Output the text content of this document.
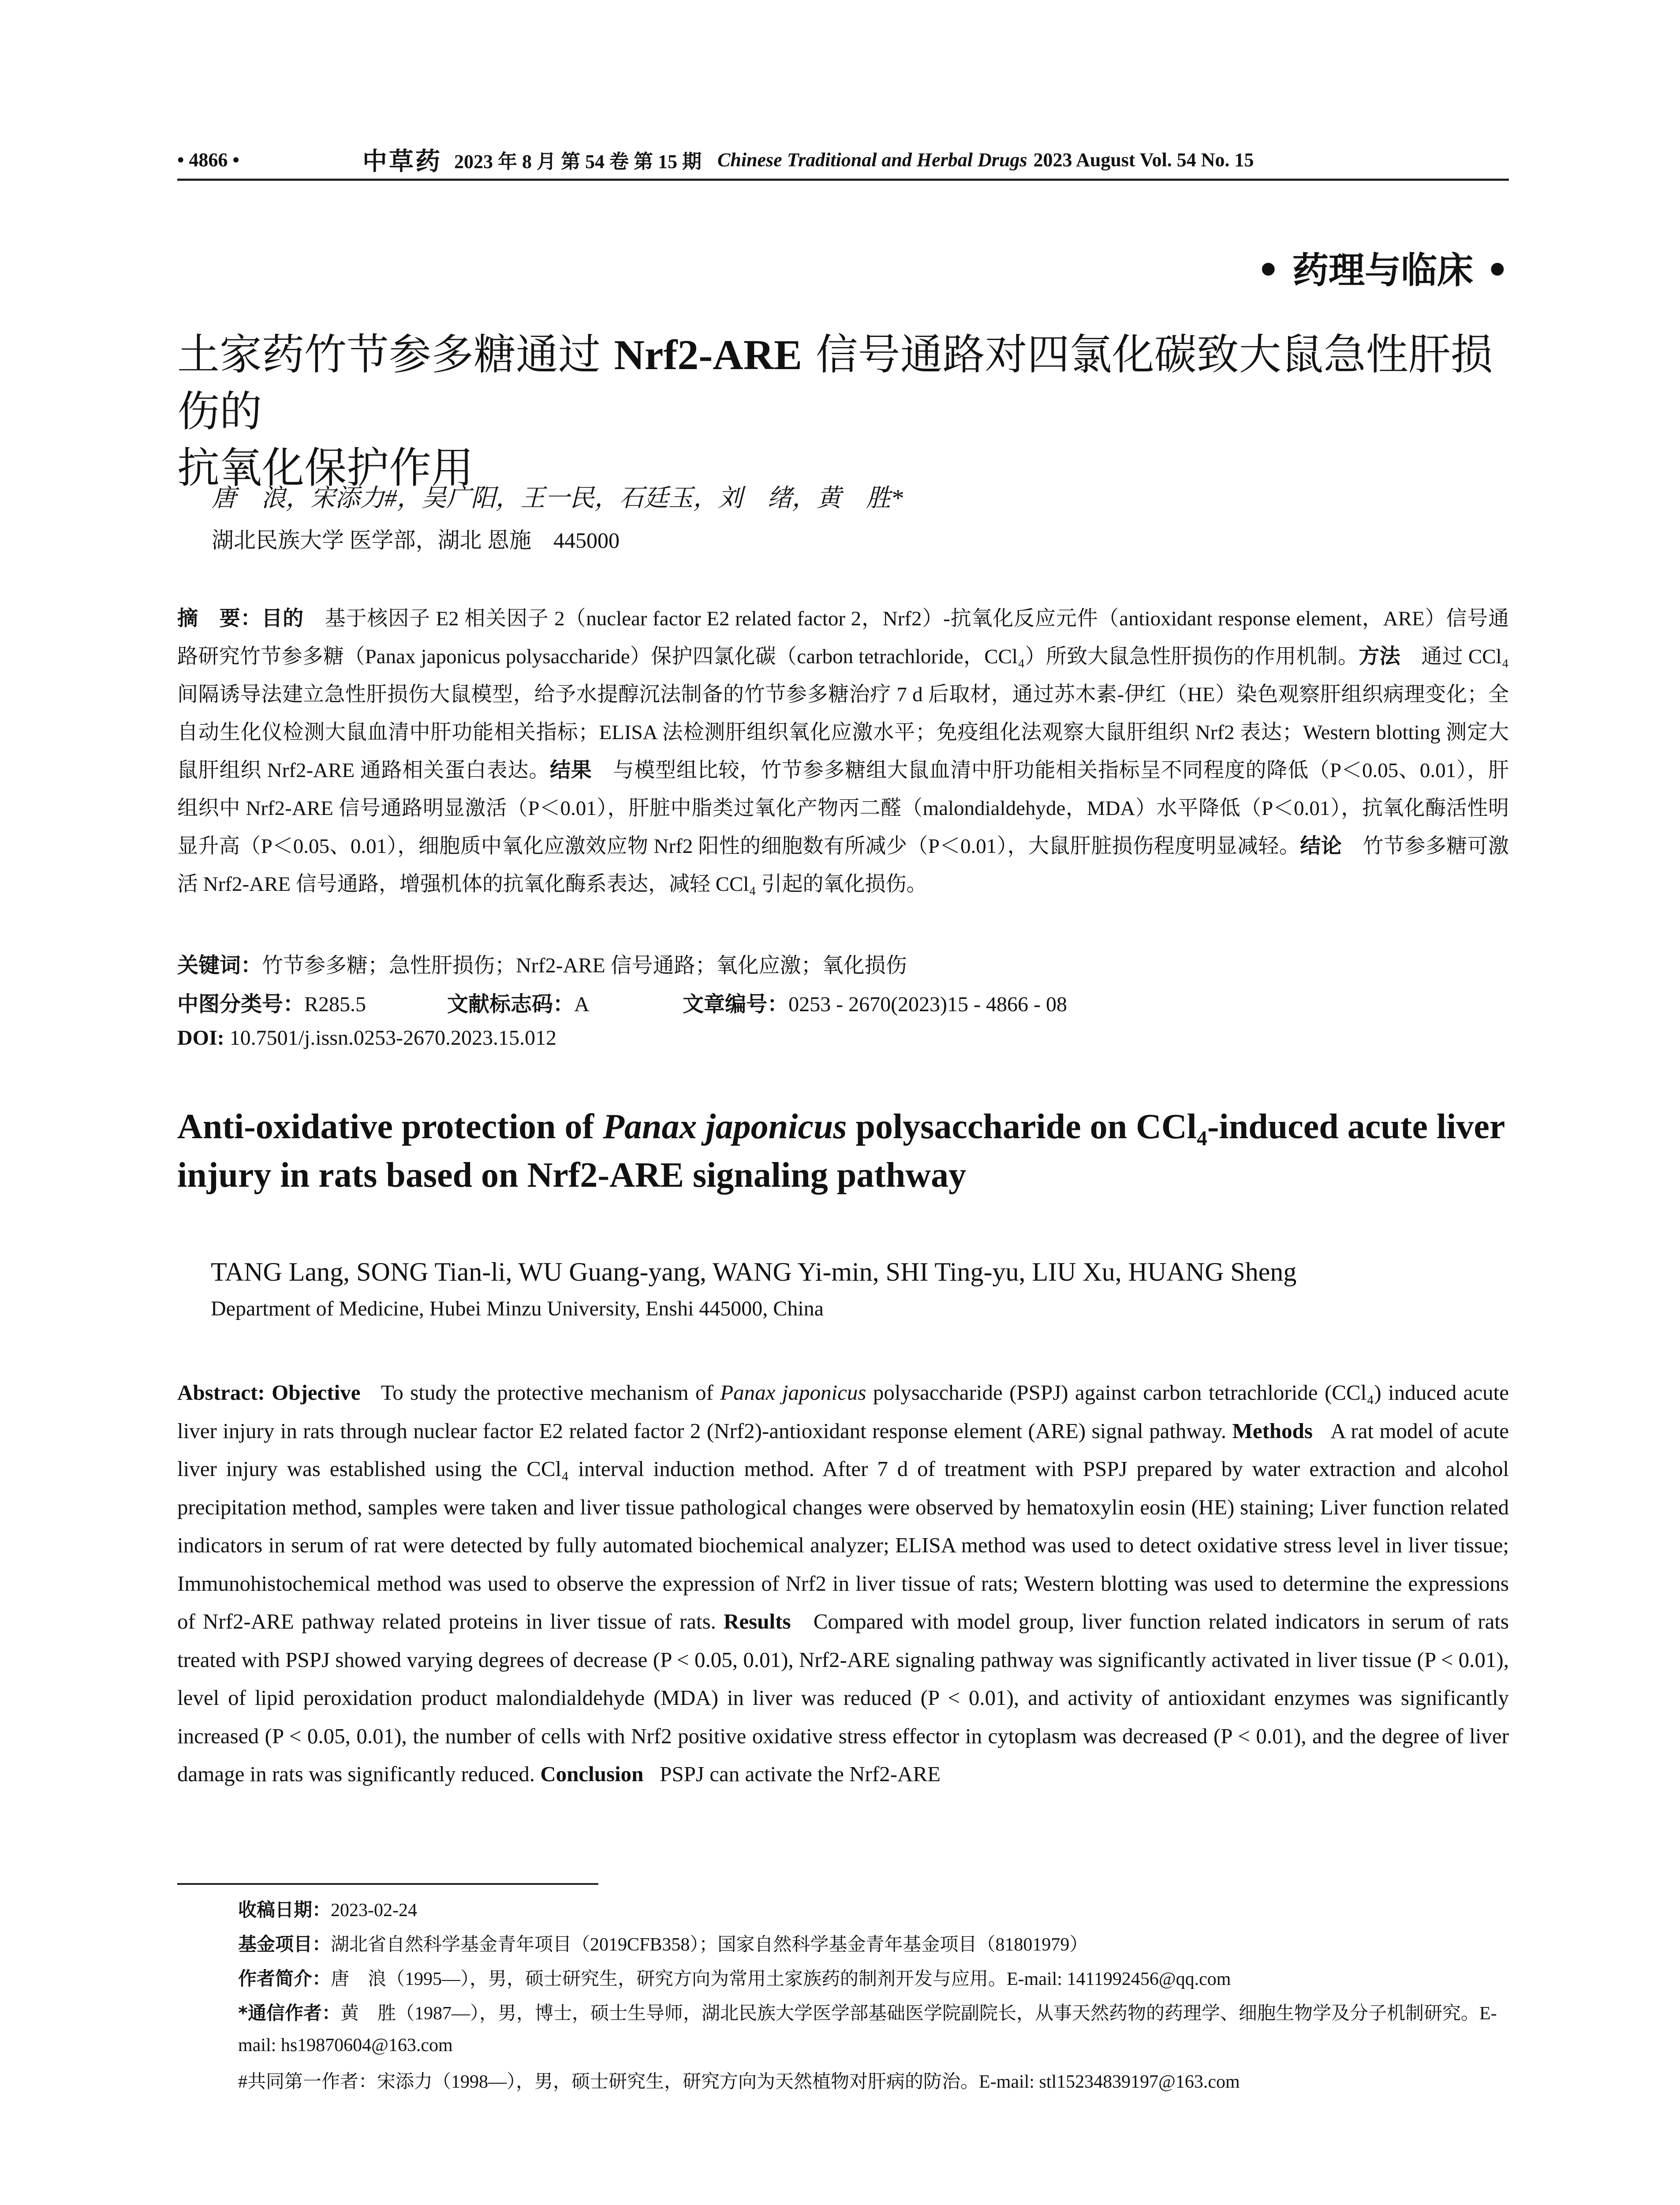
• 4866 •	中草药 2023 年 8 月 第 54 卷 第 15 期 Chinese Traditional and Herbal Drugs 2023 August Vol. 54 No. 15
• 药理与临床 •
土家药竹节参多糖通过 Nrf2-ARE 信号通路对四氯化碳致大鼠急性肝损伤的
抗氧化保护作用
唐　浪，宋添力#，吴广阳，王一民，石廷玉，刘　绪，黄　胜*
湖北民族大学 医学部，湖北 恩施　445000
摘　要：目的　基于核因子 E2 相关因子 2（nuclear factor E2 related factor 2，Nrf2）-抗氧化反应元件（antioxidant response element，ARE）信号通路研究竹节参多糖（Panax japonicus polysaccharide）保护四氯化碳（carbon tetrachloride，CCl₄）所致大鼠急性肝损伤的作用机制。方法　通过 CCl₄ 间隔诱导法建立急性肝损伤大鼠模型，给予水提醇沉法制备的竹节参多糖治疗 7 d 后取材，通过苏木素-伊红（HE）染色观察肝组织病理变化；全自动生化仪检测大鼠血清中肝功能相关指标；ELISA 法检测肝组织氧化应激水平；免疫组化法观察大鼠肝组织 Nrf2 表达；Western blotting 测定大鼠肝组织 Nrf2-ARE 通路相关蛋白表达。结果　与模型组比较，竹节参多糖组大鼠血清中肝功能相关指标呈不同程度的降低（P＜0.05、0.01），肝组织中 Nrf2-ARE 信号通路明显激活（P＜0.01），肝脏中脂类过氧化产物丙二醛（malondialdehyde，MDA）水平降低（P＜0.01），抗氧化酶活性明显升高（P＜0.05、0.01），细胞质中氧化应激效应物 Nrf2 阳性的细胞数有所减少（P＜0.01），大鼠肝脏损伤程度明显减轻。结论　竹节参多糖可激活 Nrf2-ARE 信号通路，增强机体的抗氧化酶系表达，减轻 CCl₄ 引起的氧化损伤。
关键词：竹节参多糖；急性肝损伤；Nrf2-ARE 信号通路；氧化应激；氧化损伤
中图分类号：R285.5	文献标志码：A	文章编号：0253 - 2670(2023)15 - 4866 - 08
DOI: 10.7501/j.issn.0253-2670.2023.15.012
Anti-oxidative protection of Panax japonicus polysaccharide on CCl₄-induced acute liver injury in rats based on Nrf2-ARE signaling pathway
TANG Lang, SONG Tian-li, WU Guang-yang, WANG Yi-min, SHI Ting-yu, LIU Xu, HUANG Sheng
Department of Medicine, Hubei Minzu University, Enshi 445000, China
Abstract: Objective To study the protective mechanism of Panax japonicus polysaccharide (PSPJ) against carbon tetrachloride (CCl₄) induced acute liver injury in rats through nuclear factor E2 related factor 2 (Nrf2)-antioxidant response element (ARE) signal pathway. Methods A rat model of acute liver injury was established using the CCl₄ interval induction method. After 7 d of treatment with PSPJ prepared by water extraction and alcohol precipitation method, samples were taken and liver tissue pathological changes were observed by hematoxylin eosin (HE) staining; Liver function related indicators in serum of rat were detected by fully automated biochemical analyzer; ELISA method was used to detect oxidative stress level in liver tissue; Immunohistochemical method was used to observe the expression of Nrf2 in liver tissue of rats; Western blotting was used to determine the expressions of Nrf2-ARE pathway related proteins in liver tissue of rats. Results Compared with model group, liver function related indicators in serum of rats treated with PSPJ showed varying degrees of decrease (P < 0.05, 0.01), Nrf2-ARE signaling pathway was significantly activated in liver tissue (P < 0.01), level of lipid peroxidation product malondialdehyde (MDA) in liver was reduced (P < 0.01), and activity of antioxidant enzymes was significantly increased (P < 0.05, 0.01), the number of cells with Nrf2 positive oxidative stress effector in cytoplasm was decreased (P < 0.01), and the degree of liver damage in rats was significantly reduced. Conclusion PSPJ can activate the Nrf2-ARE
收稿日期：2023-02-24
基金项目：湖北省自然科学基金青年项目（2019CFB358）；国家自然科学基金青年基金项目（81801979）
作者简介：唐　浪（1995—），男，硕士研究生，研究方向为常用土家族药的制剂开发与应用。E-mail: 1411992456@qq.com
*通信作者：黄　胜（1987—），男，博士，硕士生导师，湖北民族大学医学部基础医学院副院长，从事天然药物的药理学、细胞生物学及分子机制研究。E-mail: hs19870604@163.com
#共同第一作者：宋添力（1998—），男，硕士研究生，研究方向为天然植物对肝病的防治。E-mail: stl15234839197@163.com
